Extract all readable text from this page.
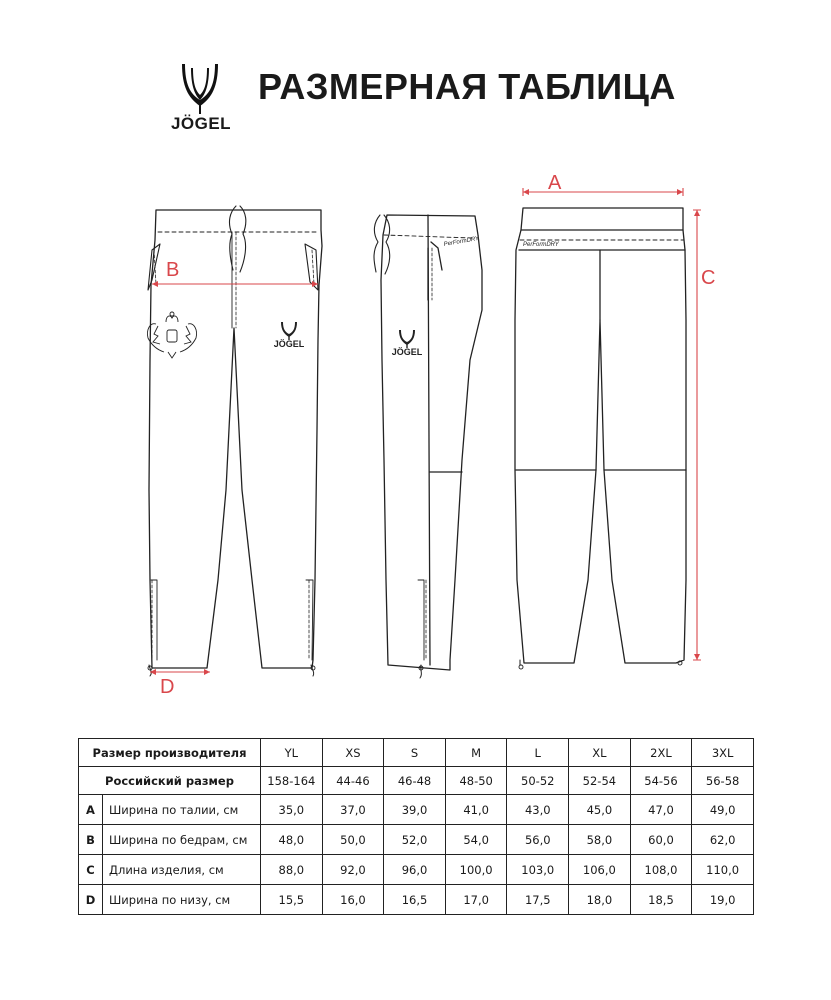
JÖGEL
РАЗМЕРНАЯ ТАБЛИЦА
JÖGEL
JÖGEL
PerFormDRY	PerFormDRY
A
B	C
D
Размер производителя		YL	XS	S	M	L	XL	2XL	3XL
Российский размер		158-164	44-46	46-48	48-50	50-52	52-54	54-56	56-58
A	Ширина по талии, см	35,0	37,0	39,0	41,0	43,0	45,0	47,0	49,0
B	Ширина по бедрам, см	48,0	50,0	52,0	54,0	56,0	58,0	60,0	62,0
C	Длина изделия, см	88,0	92,0	96,0	100,0	103,0	106,0	108,0	110,0
D	Ширина по низу, см	15,5	16,0	16,5	17,0	17,5	18,0	18,5	19,0
